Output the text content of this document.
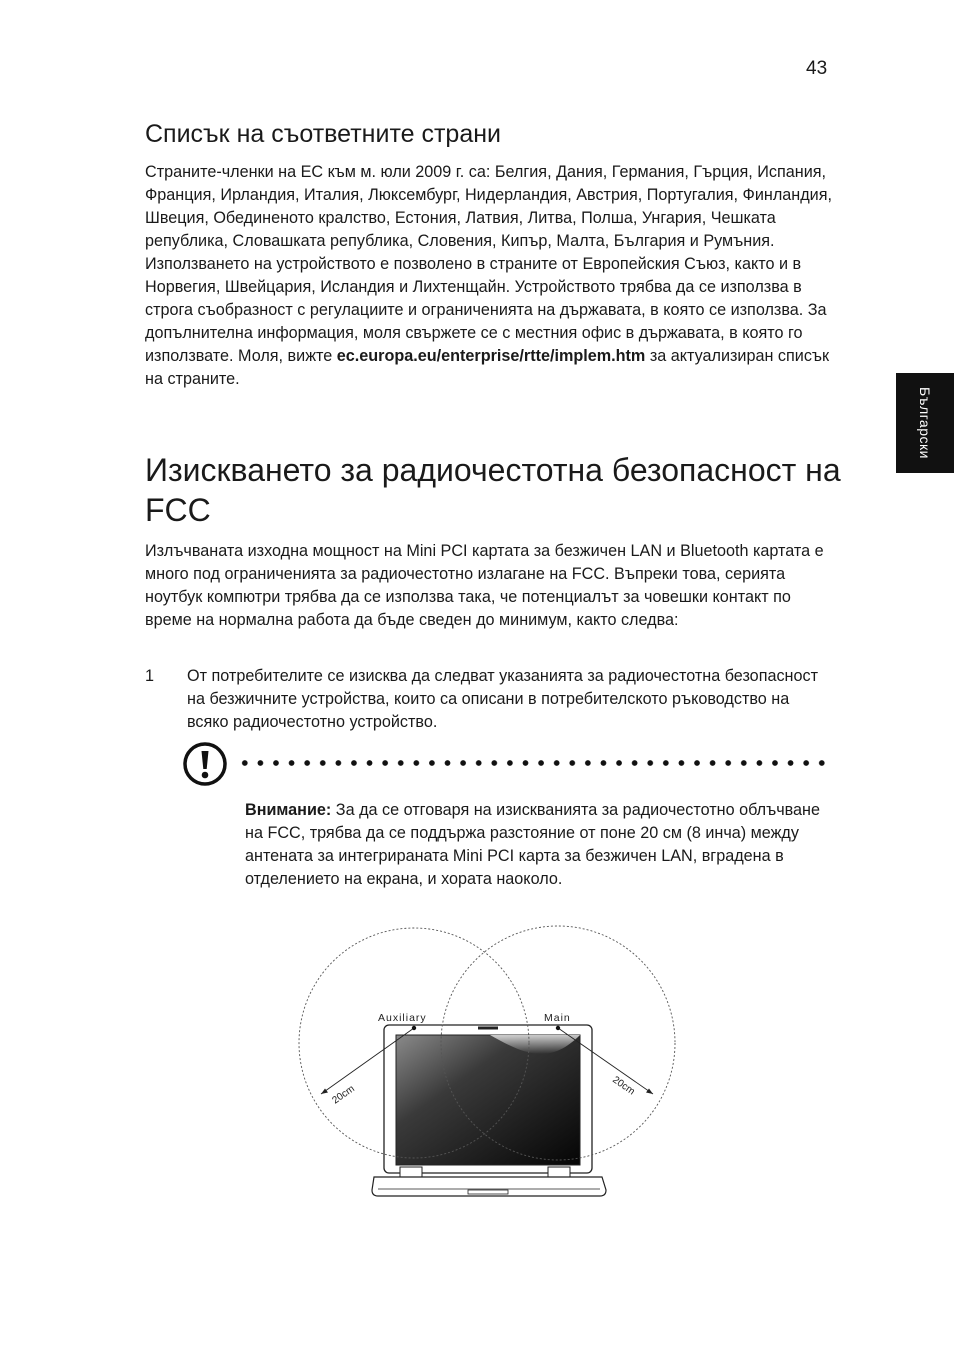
43
Български
Списък на съответните страни

Страните-членки на ЕС към м. юли 2009 г. са: Белгия, Дания, Германия, Гърция, Испания, Франция, Ирландия, Италия, Люксембург, Нидерландия, Австрия, Португалия, Финландия, Швеция, Обединеното кралство, Естония, Латвия, Литва, Полша, Унгария, Чешката република, Словашката република, Словения, Кипър, Малта, България и Румъния. Използването на устройството е позволено в страните от Европейския Съюз, както и в Норвегия, Швейцария, Исландия и Лихтенщайн. Устройството трябва да се използва в строга съобразност с регулациите и ограниченията на държавата, в която се използва. За допълнителна информация, моля свържете се с местния офис в държавата, в която го използвате. Моля, вижте ec.europa.eu/enterprise/rtte/implem.htm за актуализиран списък на страните.

Изискването за радиочестотна безопасност на FCC

Излъчваната изходна мощност на Mini PCI картата за безжичен LAN и Bluetooth картата е много под ограниченията за радиочестотно излагане на FCC. Въпреки това, серията ноутбук компютри трябва да се използва така, че потенциалът за човешки контакт по време на нормална работа да бъде сведен до минимум, както следва:

1 От потребителите се изисква да следват указанията за радиочестотна безопасност на безжичните устройства, които са описани в потребителското ръководство на всяко радиочестотно устройство.

Внимание: За да се отговаря на изискванията за радиочестотно облъчване на FCC, трябва да се поддържа разстояние от поне 20 см (8 инча) между антената за интегрираната Mini PCI карта за безжичен LAN, вградена в отделението на екрана, и хората наоколо.

Auxiliary	Main
20cm	20cm
